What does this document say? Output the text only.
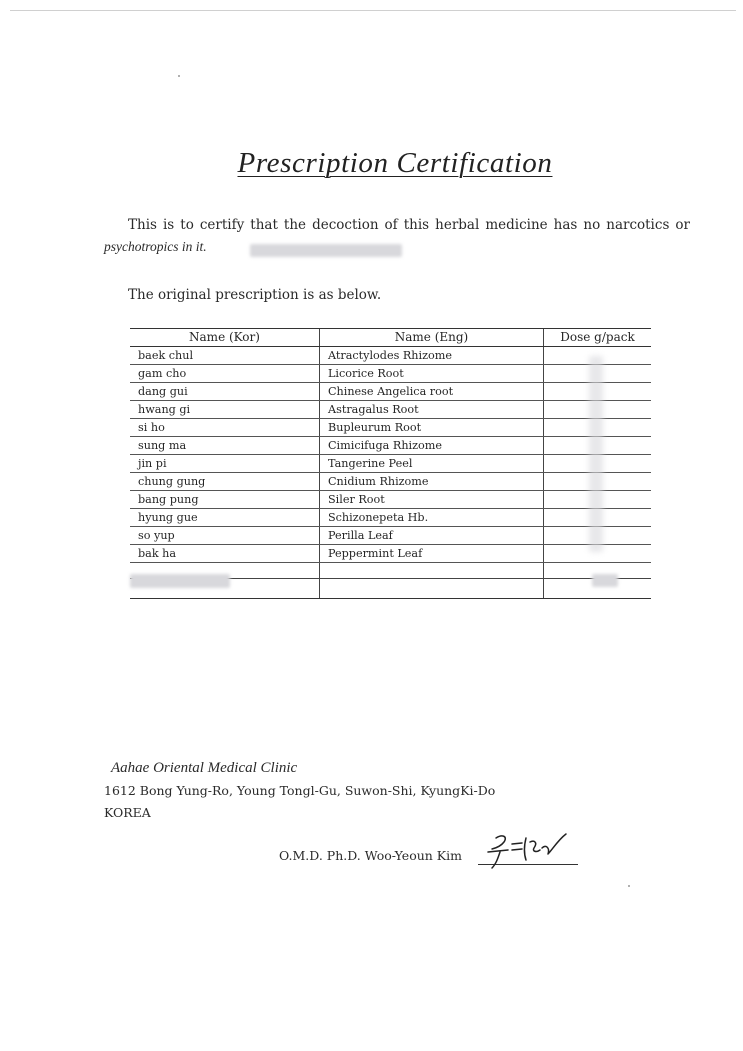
Prescription Certification
This is to certify that the decoction of this herbal medicine has no narcotics or
psychotropics in it.
The original prescription is as below.
Name (Kor)	Name (Eng)	Dose g/pack
baek chul	Atractylodes Rhizome	
gam cho	Licorice Root	
dang gui	Chinese Angelica root	
hwang gi	Astragalus Root	
si ho	Bupleurum Root	
sung ma	Cimicifuga Rhizome	
jin pi	Tangerine Peel	
chung gung	Cnidium Rhizome	
bang pung	Siler Root	
hyung gue	Schizonepeta Hb.	
so yup	Perilla Leaf	
bak ha	Peppermint Leaf	

Aahae Oriental Medical Clinic
1612 Bong Yung-Ro, Young Tongl-Gu, Suwon-Shi, KyungKi-Do
KOREA
O.M.D. Ph.D. Woo-Yeoun Kim
